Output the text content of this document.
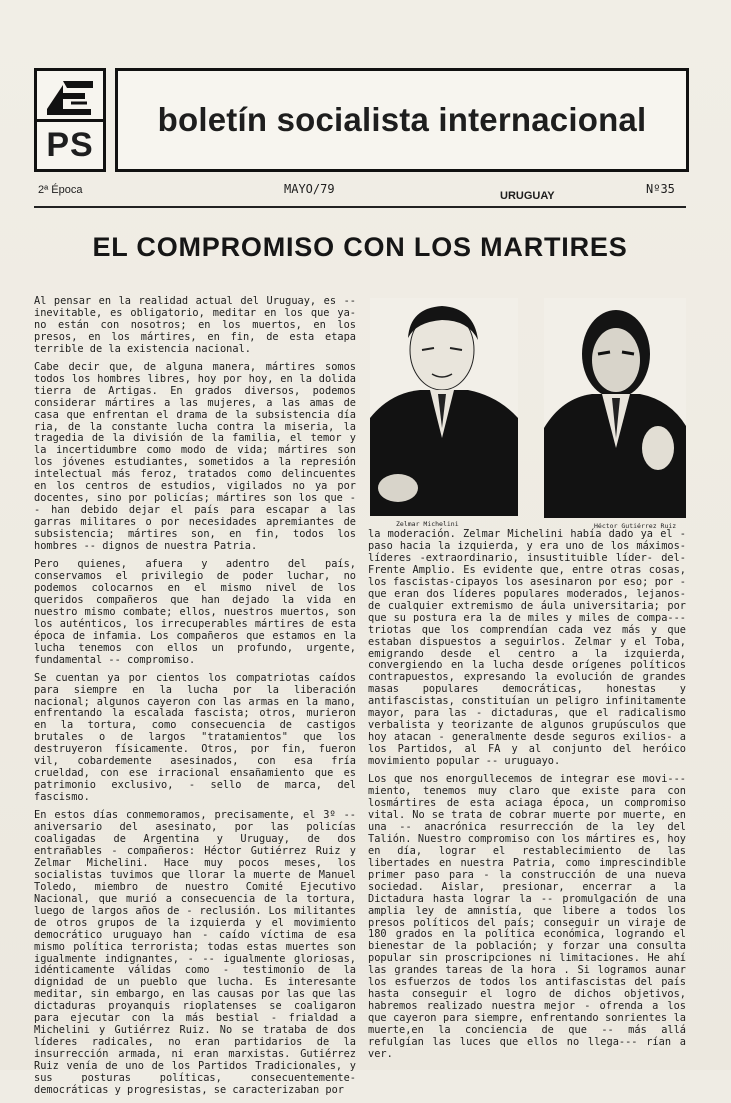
PS
boletín socialista internacional
2ª Época	MAYO/79	URUGUAY	Nº35
EL COMPROMISO CON LOS MARTIRES

Al pensar en la realidad actual del Uruguay, es --inevitable, es obligatorio, meditar en los que ya-no están con nosotros; en los muertos, en los presos, en los mártires, en fin, de esta etapa terrible de la existencia nacional.

Cabe decir que, de alguna manera, mártires somos todos los hombres libres, hoy por hoy, en la dolida tierra de Artigas. En grados diversos, podemos considerar mártires a las mujeres, a las amas de casa que enfrentan el drama de la subsistencia día ria, de la constante lucha contra la miseria, la tragedia de la división de la familia, el temor y la incertidumbre como modo de vida; mártires son los jóvenes estudiantes, sometidos a la represión intelectual más feroz, tratados como delincuentes en los centros de estudios, vigilados no ya por docentes, sino por policías; mártires son los que -- han debido dejar el país para escapar a las garras militares o por necesidades apremiantes de subsistencia; mártires son, en fin, todos los hombres -- dignos de nuestra Patria.

Pero quienes, afuera y adentro del país, conservamos el privilegio de poder luchar, no podemos colocarnos en el mismo nivel de los queridos compañeros que han dejado la vida en nuestro mismo combate; ellos, nuestros muertos, son los auténticos, los irrecuperables mártires de esta época de infamia. Los compañeros que estamos en la lucha tenemos con ellos un profundo, urgente, fundamental -- compromiso.

Se cuentan ya por cientos los compatriotas caídos para siempre en la lucha por la liberación nacional; algunos cayeron con las armas en la mano, enfrentando la escalada fascista; otros, murieron en la tortura, como consecuencia de castigos brutales o de largos "tratamientos" que los destruyeron físicamente. Otros, por fin, fueron vil, cobardemente asesinados, con esa fría crueldad, con ese irracional ensañamiento que es patrimonio exclusivo, - sello de marca, del fascismo.

En estos días conmemoramos, precisamente, el 3º -- aniversario del asesinato, por las policías coaligadas de Argentina y Uruguay, de dos entrañables - compañeros: Héctor Gutiérrez Ruiz y Zelmar Michelini. Hace muy pocos meses, los socialistas tuvimos que llorar la muerte de Manuel Toledo, miembro de nuestro Comité Ejecutivo Nacional, que murió a consecuencia de la tortura, luego de largos años de - reclusión. Los militantes de otros grupos de la izquierda y el movimiento democrático uruguayo han - caído víctima de esa mismo política terrorista; todas estas muertes son igualmente indignantes, - -- igualmente gloriosas, idénticamente válidas como - testimonio de la dignidad de un pueblo que lucha. Es interesante meditar, sin embargo, en las causas por las que las dictaduras proyanquis rioplatenses se coaligaron para ejecutar con la más bestial - frialdad a Michelini y Gutiérrez Ruiz. No se trataba de dos líderes radicales, no eran partidarios de la insurrección armada, ni eran marxistas. Gutiérrez Ruiz venía de uno de los Partidos Tradicionales, y sus posturas políticas, consecuentemente-democráticas y progresistas, se caracterizaban por

Zelmar Michelini	Héctor Gutiérrez Ruiz

la moderación. Zelmar Michelini había dado ya el - paso hacia la izquierda, y era uno de los máximos-líderes -extraordinario, insustituible líder- del-Frente Amplio. Es evidente que, entre otras cosas, los fascistas-cipayos los asesinaron por eso; por - que eran dos líderes populares moderados, lejanos-de cualquier extremismo de áula universitaria; por que su postura era la de miles y miles de compa--- triotas que los comprendían cada vez más y que estaban dispuestos a seguirlos. Zelmar y el Toba, emigrando desde el centro a la izquierda, convergiendo en la lucha desde orígenes políticos contrapuestos, expresando la evolución de grandes masas populares democráticas, honestas y antifascistas, constituían un peligro infinitamente mayor, para las - dictaduras, que el radicalismo verbalista y teorizante de algunos grupúsculos que hoy atacan - generalmente desde seguros exilios- a los Partidos, al FA y al conjunto del heróico movimiento popular -- uruguayo.

Los que nos enorgullecemos de integrar ese movi--- miento, tenemos muy claro que existe para con losmártires de esta aciaga época, un compromiso vital. No se trata de cobrar muerte por muerte, en una -- anacrónica resurrección de la ley del Talión. Nuestro compromiso con los mártires es, hoy en día, lograr el restablecimiento de las libertades en nuestra Patria, como imprescindible primer paso para - la construcción de una nueva sociedad. Aislar, presionar, encerrar a la Dictadura hasta lograr la -- promulgación de una amplia ley de amnistía, que libere a todos los presos políticos del país; conseguir un viraje de 180 grados en la política económica, logrando el bienestar de la población; y forzar una consulta popular sin proscripciones ni limitaciones. He ahí las grandes tareas de la hora . Si logramos aunar los esfuerzos de todos los antifascistas del país hasta conseguir el logro de dichos objetivos, habremos realizado nuestra mejor - ofrenda a los que cayeron para siempre, enfrentando sonrientes la muerte,en la conciencia de que -- más allá refulgían las luces que ellos no llega--- rían a ver.
